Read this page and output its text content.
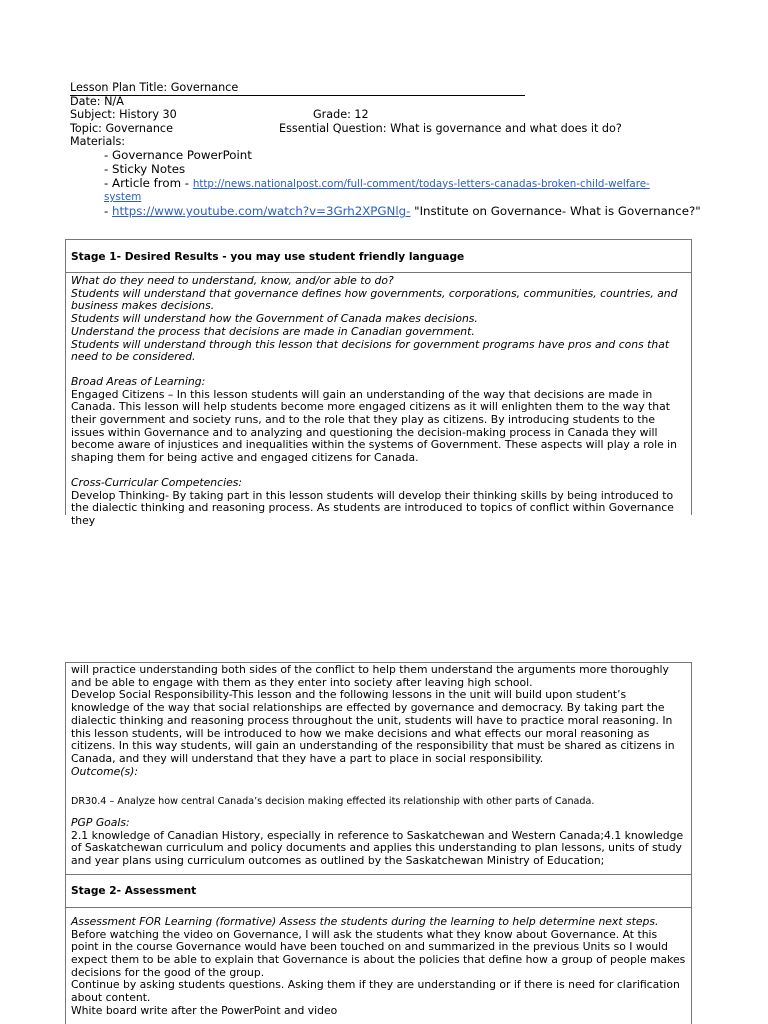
Lesson Plan Title: Governance
Date: N/A
Subject: History 30	Grade: 12
Topic: Governance	Essential Question: What is governance and what does it do?
Materials:
- Governance PowerPoint
- Sticky Notes
- Article from - http://news.nationalpost.com/full-comment/todays-letters-canadas-broken-child-welfare-
system
- https://www.youtube.com/watch?v=3Grh2XPGNlg- "Institute on Governance- What is Governance?"
Stage 1- Desired Results - you may use student friendly language
What do they need to understand, know, and/or able to do?
Students will understand that governance defines how governments, corporations, communities, countries, and business makes decisions.
Students will understand how the Government of Canada makes decisions.
Understand the process that decisions are made in Canadian government.
Students will understand through this lesson that decisions for government programs have pros and cons that need to be considered.
Broad Areas of Learning:
Engaged Citizens – In this lesson students will gain an understanding of the way that decisions are made in Canada. This lesson will help students become more engaged citizens as it will enlighten them to the way that their government and society runs, and to the role that they play as citizens. By introducing students to the issues within Governance and to analyzing and questioning the decision-making process in Canada they will become aware of injustices and inequalities within the systems of Government. These aspects will play a role in shaping them for being active and engaged citizens for Canada.
Cross-Curricular Competencies:
Develop Thinking- By taking part in this lesson students will develop their thinking skills by being introduced to the dialectic thinking and reasoning process. As students are introduced to topics of conflict within Governance they
will practice understanding both sides of the conflict to help them understand the arguments more thoroughly and be able to engage with them as they enter into society after leaving high school.
Develop Social Responsibility-This lesson and the following lessons in the unit will build upon student’s knowledge of the way that social relationships are effected by governance and democracy. By taking part the dialectic thinking and reasoning process throughout the unit, students will have to practice moral reasoning. In this lesson students, will be introduced to how we make decisions and what effects our moral reasoning as citizens. In this way students, will gain an understanding of the responsibility that must be shared as citizens in Canada, and they will understand that they have a part to place in social responsibility.
Outcome(s):
DR30.4 – Analyze how central Canada’s decision making effected its relationship with other parts of Canada.
PGP Goals:
2.1 knowledge of Canadian History, especially in reference to Saskatchewan and Western Canada;4.1 knowledge of Saskatchewan curriculum and policy documents and applies this understanding to plan lessons, units of study and year plans using curriculum outcomes as outlined by the Saskatchewan Ministry of Education;
Stage 2- Assessment
Assessment FOR Learning (formative) Assess the students during the learning to help determine next steps.
Before watching the video on Governance, I will ask the students what they know about Governance. At this point in the course Governance would have been touched on and summarized in the previous Units so I would expect them to be able to explain that Governance is about the policies that define how a group of people makes decisions for the good of the group.
Continue by asking students questions. Asking them if they are understanding or if there is need for clarification about content.
White board write after the PowerPoint and video
